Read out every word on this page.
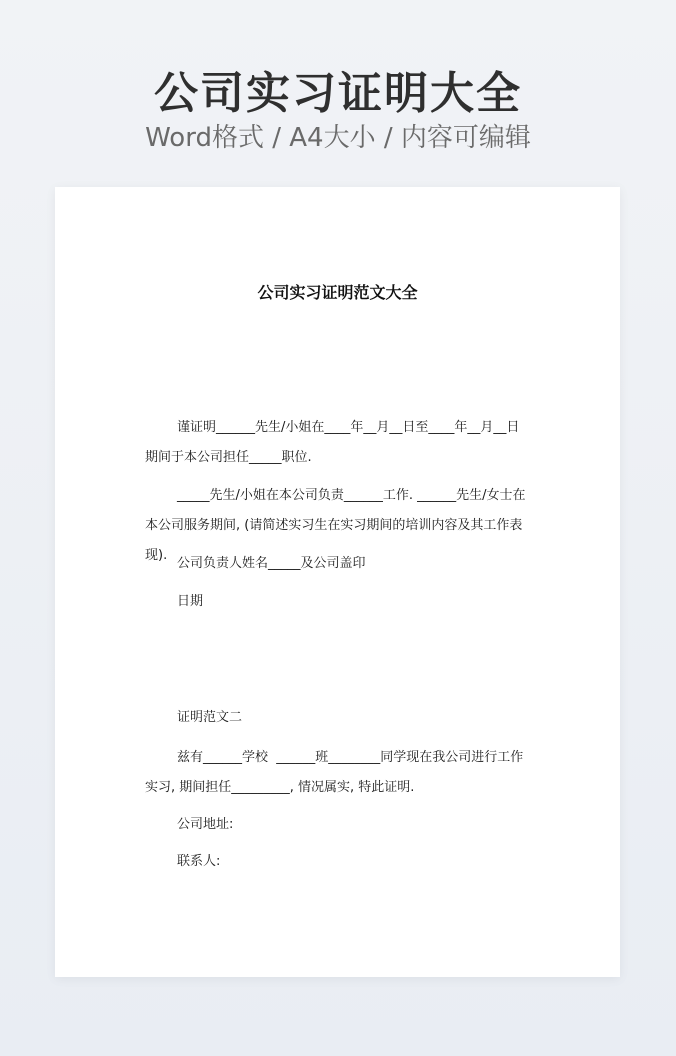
公司实习证明大全
Word格式 / A4大小 / 内容可编辑
公司实习证明范文大全
谨证明______先生/小姐在____年__月__日至____年__月__日期间于本公司担任_____职位.
_____先生/小姐在本公司负责______工作. ______先生/女士在本公司服务期间, (请简述实习生在实习期间的培训内容及其工作表现).
公司负责人姓名_____及公司盖印
日期
证明范文二
兹有______学校  ______班________同学现在我公司进行工作实习, 期间担任_________, 情况属实, 特此证明.
公司地址:
联系人:
